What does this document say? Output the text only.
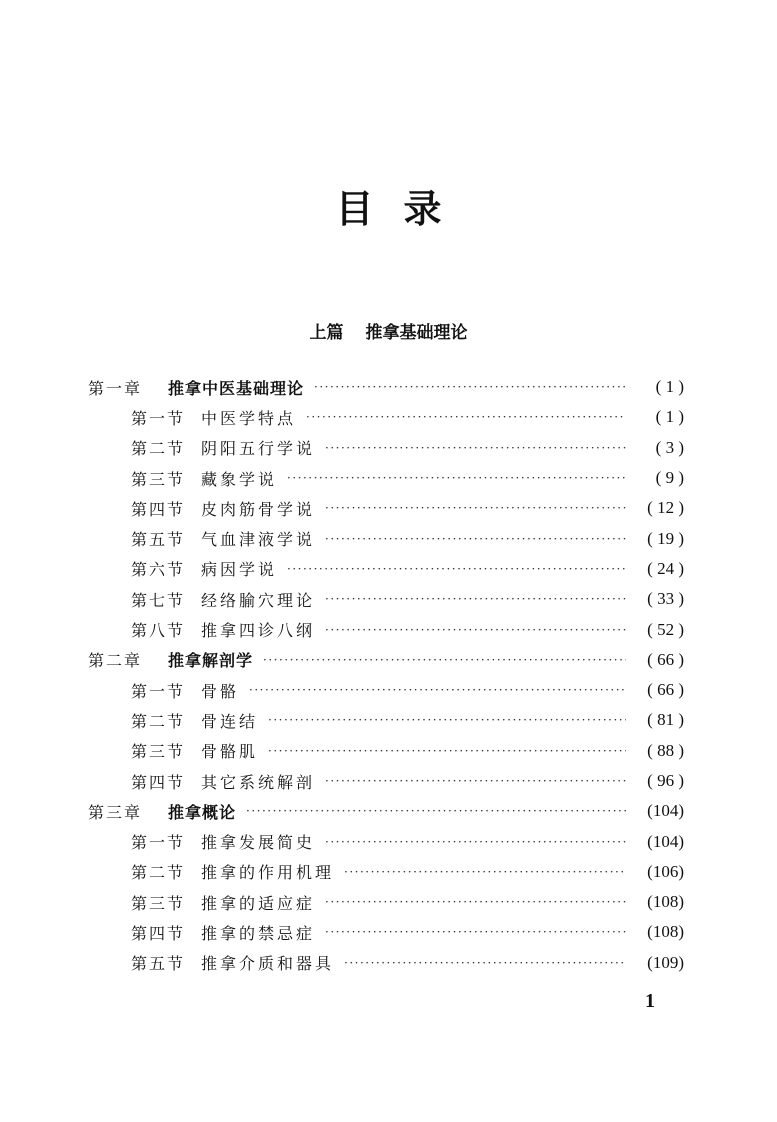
目录
上篇 推拿基础理论
第一章	推拿中医基础理论 ·····	( 1 )
第一节 中医学特点 ·····	( 1 )
第二节 阴阳五行学说 ·····	( 3 )
第三节 藏象学说 ·····	( 9 )
第四节 皮肉筋骨学说 ·····	( 12 )
第五节 气血津液学说 ·····	( 19 )
第六节 病因学说 ·····	( 24 )
第七节 经络腧穴理论 ·····	( 33 )
第八节 推拿四诊八纲 ·····	( 52 )
第二章	推拿解剖学 ·····	( 66 )
第一节 骨骼 ·····	( 66 )
第二节 骨连结 ·····	( 81 )
第三节 骨骼肌 ·····	( 88 )
第四节 其它系统解剖 ·····	( 96 )
第三章	推拿概论 ·····	(104)
第一节 推拿发展简史 ·····	(104)
第二节 推拿的作用机理 ·····	(106)
第三节 推拿的适应症 ·····	(108)
第四节 推拿的禁忌症 ·····	(108)
第五节 推拿介质和器具 ·····	(109)
1
